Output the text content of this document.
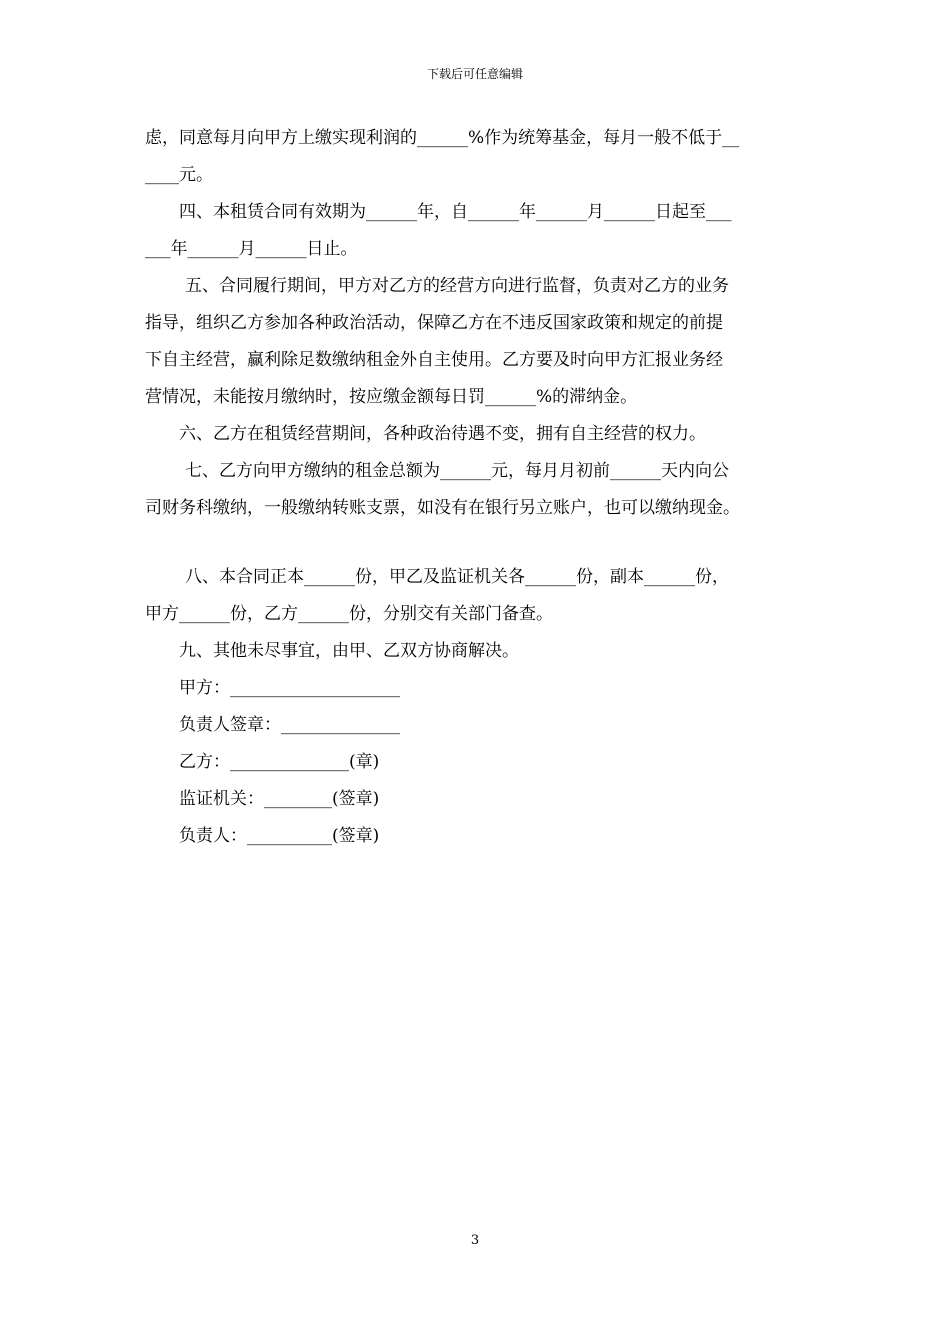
下载后可任意编辑
虑，同意每月向甲方上缴实现利润的______%作为统筹基金，每月一般不低于__
____元。
四、本租赁合同有效期为______年，自______年______月______日起至___
___年______月______日止。
五、合同履行期间，甲方对乙方的经营方向进行监督，负责对乙方的业务
指导，组织乙方参加各种政治活动，保障乙方在不违反国家政策和规定的前提
下自主经营，赢利除足数缴纳租金外自主使用。乙方要及时向甲方汇报业务经
营情况，未能按月缴纳时，按应缴金额每日罚______%的滞纳金。
六、乙方在租赁经营期间，各种政治待遇不变，拥有自主经营的权力。
七、乙方向甲方缴纳的租金总额为______元，每月月初前______天内向公
司财务科缴纳，一般缴纳转账支票，如没有在银行另立账户，也可以缴纳现金。
八、本合同正本______份，甲乙及监证机关各______份，副本______份，
甲方______份，乙方______份，分别交有关部门备查。
九、其他未尽事宜，由甲、乙双方协商解决。
甲方：____________________
负责人签章：______________
乙方：______________(章)
监证机关：________(签章)
负责人：__________(签章)
3
